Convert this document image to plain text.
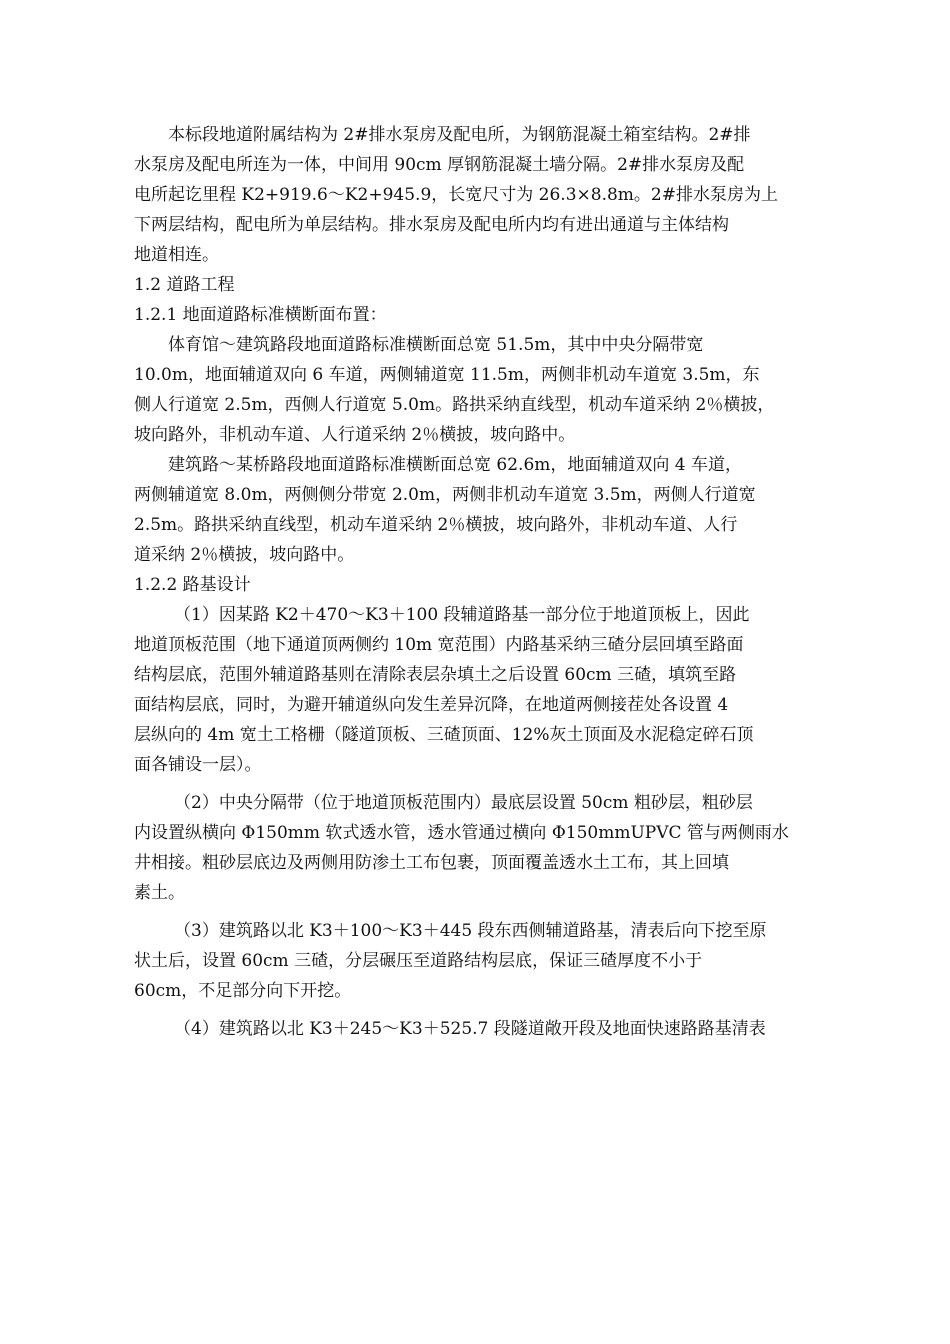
本标段地道附属结构为 2#排水泵房及配电所，为钢筋混凝土箱室结构。2#排
水泵房及配电所连为一体，中间用 90cm 厚钢筋混凝土墙分隔。2#排水泵房及配
电所起讫里程 K2+919.6～K2+945.9，长宽尺寸为 26.3×8.8m。2#排水泵房为上
下两层结构，配电所为单层结构。排水泵房及配电所内均有进出通道与主体结构
地道相连。

1.2 道路工程

1.2.1 地面道路标准横断面布置：

体育馆～建筑路段地面道路标准横断面总宽 51.5m，其中中央分隔带宽
10.0m，地面辅道双向 6 车道，两侧辅道宽 11.5m，两侧非机动车道宽 3.5m，东
侧人行道宽 2.5m，西侧人行道宽 5.0m。路拱采纳直线型，机动车道采纳 2％横披，
坡向路外，非机动车道、人行道采纳 2％横披，坡向路中。

建筑路～某桥路段地面道路标准横断面总宽 62.6m，地面辅道双向 4 车道，
两侧辅道宽 8.0m，两侧侧分带宽 2.0m，两侧非机动车道宽 3.5m，两侧人行道宽
2.5m。路拱采纳直线型，机动车道采纳 2％横披，坡向路外，非机动车道、人行
道采纳 2％横披，坡向路中。

1.2.2 路基设计

（1）因某路 K2＋470～K3＋100 段辅道路基一部分位于地道顶板上，因此
地道顶板范围（地下通道顶两侧约 10m 宽范围）内路基采纳三碴分层回填至路面
结构层底，范围外辅道路基则在清除表层杂填土之后设置 60cm 三碴，填筑至路
面结构层底，同时，为避开辅道纵向发生差异沉降，在地道两侧接茬处各设置 4
层纵向的 4m 宽土工格栅（隧道顶板、三碴顶面、12%灰土顶面及水泥稳定碎石顶
面各铺设一层）。

（2）中央分隔带（位于地道顶板范围内）最底层设置 50cm 粗砂层，粗砂层
内设置纵横向 Φ150mm 软式透水管，透水管通过横向 Φ150mmUPVC 管与两侧雨水
井相接。粗砂层底边及两侧用防渗土工布包裹，顶面覆盖透水土工布，其上回填
素土。

（3）建筑路以北 K3＋100～K3＋445 段东西侧辅道路基，清表后向下挖至原
状土后，设置 60cm 三碴，分层碾压至道路结构层底，保证三碴厚度不小于
60cm，不足部分向下开挖。

（4）建筑路以北 K3＋245～K3＋525.7 段隧道敞开段及地面快速路路基清表
